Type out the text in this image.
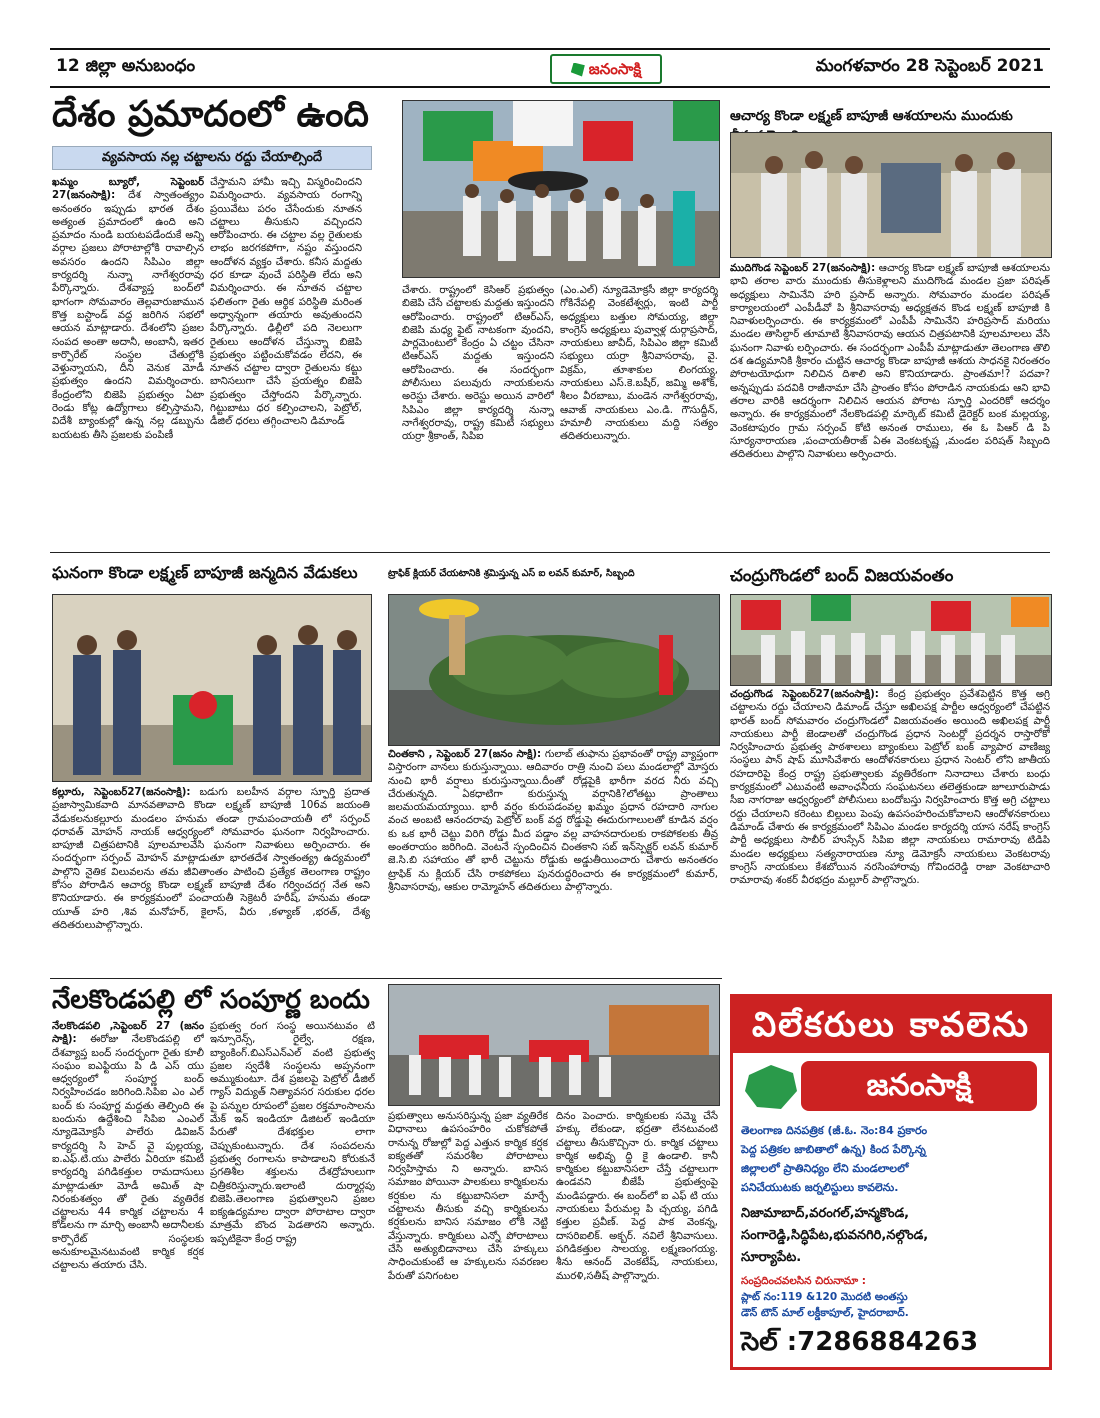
12 జిల్లా అనుబంధం	జనంసాక్షి	మంగళవారం 28 సెప్టెంబర్ 2021
దేశం ప్రమాదంలో ఉంది
వ్యవసాయ నల్ల చట్టాలను రద్దు చేయాల్సిందే
ఖమ్మం బ్యూరో, సెప్టెంబర్ 27(జనంసాక్షి): దేశ స్వాతంత్య్రం అనంతరం ఇప్పుడు భారత దేశం అత్యంత ప్రమాదంలో ఉంది అని ప్రమాదం నుండి బయటపడేందుకే అన్ని వర్గాల ప్రజలు పోరాటాల్లోకి రావాల్సిన అవసరం ఉందని సిపిఎం జిల్లా కార్యదర్శి నున్నా నాగేశ్వరరావు పేర్కొన్నారు. దేశవ్యాప్త బంద్‌లో భాగంగా సోమవారం తెల్లవారుజామున కొత్త బస్టాండ్ వద్ద జరిగిన సభలో ఆయన మాట్లాడారు. దేశంలోని ప్రజల సంపద అంతా అదానీ, అంబానీ, ఇతర కార్పొరేట్ సంస్థల చేతుల్లోకి వెళ్తున్నాయని, దీని వెనుక మోడీ ప్రభుత్వం ఉందని విమర్శించారు. కేంద్రంలోని బిజెపి ప్రభుత్వం ఏటా రెండు కోట్ల ఉద్యోగాలు కల్పిస్తామని, విదేశీ బ్యాంకుల్లో ఉన్న నల్ల డబ్బును బయటకు తీసి ప్రజలకు పంపిణీ
చేస్తామని హామీ ఇచ్చి విస్మరించిందని విమర్శించారు. వ్యవసాయ రంగాన్ని ప్రయివేటు పరం చేసేందుకు నూతన చట్టాలు తీసుకుని వచ్చిందని ఆరోపించారు. ఈ చట్టాల వల్ల రైతులకు లాభం జరగకపోగా, నష్టం వస్తుందని ఆందోళన వ్యక్తం చేశారు. కనీస మద్దతు ధర కూడా వుంచే పరిస్థితి లేదు అని విమర్శించారు. ఈ నూతన చట్టాల ఫలితంగా రైతు ఆర్థిక పరిస్థితి మరింత అధ్వాన్నంగా తయారు అవుతుందని పేర్కొన్నారు. ఢిల్లీలో పది నెలలుగా రైతులు ఆందోళన చేస్తున్నా బిజెపి ప్రభుత్వం పట్టించుకోవడం లేదని, ఈ నూతన చట్టాల ద్వారా రైతులను కట్టు బానిసలుగా చేసే ప్రయత్నం బిజెపి ప్రభుత్వం చేస్తోందని పేర్కొన్నారు. గిట్టుబాటు ధర కల్పించాలని, పెట్రోల్, డీజిల్ ధరలు తగ్గించాలని డిమాండ్
చేశారు. రాష్ట్రంలో కెసిఆర్ ప్రభుత్వం బిజెపి చేసే చట్టాలకు మద్దతు ఇస్తుందని ఆరోపించారు. రాష్ట్రంలో టిఆర్ఎస్, బిజెపి మధ్య ఫైట్ నాటకంగా వుందని, పార్లమెంటులో కేంద్రం ఏ చట్టం చేసినా టిఆర్ఎస్ మద్దతు ఇస్తుందని ఆరోపించారు. ఈ సందర్భంగా పోలీసులు పలువురు నాయకులను అరెస్టు చేశారు. అరెస్టు అయిన వారిలో సిపిఎం జిల్లా కార్యదర్శి నున్నా నాగేశ్వరరావు, రాష్ట్ర కమిటీ సభ్యులు యర్రా శ్రీకాంత్, సిపిఐ
(ఎం.ఎల్) న్యూడెమోక్రసీ జిల్లా కార్యదర్శి గోకినేపల్లి వెంకటేశ్వర్లు, ఇంటి పార్టీ అధ్యక్షులు బత్తుల సోమయ్య, జిల్లా కాంగ్రెస్ అధ్యక్షులు పువ్వాళ్ల దుర్గాప్రసాద్, నాయకులు జావీద్, సిపిఎం జిల్లా కమిటీ సభ్యులు యర్రా శ్రీనివాసరావు, వై. విక్రమ్, తూశాకుల లింగయ్య, నాయకులు ఎస్.కె.బషీర్, జమ్మి అశోక్, శీలం వీరబాబు, మండెన నాగేశ్వరరావు, ఆవాజ్ నాయకులు ఎం.డి. గౌసుద్దీన్, హమాలీ నాయకులు మద్ది సత్యం తదితరులున్నారు.
ఆచార్య కొండా లక్ష్మణ్ బాపూజీ ఆశయాలను ముందుకు
ముదిగొండ సెప్టెంబర్ 27(జనంసాక్షి): ఆచార్య కొండా లక్ష్మణ్ బాపూజీ ఆశయాలను భావి తరాల వారు ముందుకు తీసుకెళ్లాలని ముదిగొండ మండల ప్రజా పరిషత్ అధ్యక్షులు సామినేని హరి ప్రసాద్ అన్నారు. సోమవారం మండల పరిషత్ కార్యాలయంలో ఎంపీడీవో పి శ్రీనివాసరావు అధ్యక్షతన కొండ లక్ష్మణ్ బాపూజీ కి నివాళులర్పించారు. ఈ కార్యక్రమంలో ఎంపీపీ సామినేని హరిప్రసాద్ మరియు మండల తాసిల్దార్ తూమాటి శ్రీనివాసరావు ఆయన చిత్రపటానికి పూలమాలలు వేసి ఘనంగా నివాళు లర్పించారు. ఈ సందర్భంగా ఎంపీపీ మాట్లాడుతూ తెలంగాణ తొలి దశ ఉద్యమానికి శ్రీకారం చుట్టిన ఆచార్య కొండా బాపూజీ ఆశయ సాధనకై నిరంతరం పోరాటయోధుగా నిలిచిన దిశాలి అని కొనియాడారు. ప్రాంతమా!? పదవా? అన్నప్పుడు పదవికి రాజీనామా చేసి ప్రాంతం కోసం పోరాడిన నాయకుడు ఆని భావి తరాల వారికి ఆదర్శంగా నిలిచిన ఆయన పోరాట స్ఫూర్తి ఎందరికో ఆదర్శం అన్నారు. ఈ కార్యక్రమంలో నేలకొండపల్లి మార్కెట్ కమిటీ డైరెక్టర్ బంక మల్లయ్య, వెంకటాపురం గ్రామ సర్పంచ్ కోటి అనంత రాములు, ఈ ఓ పిఆర్ డి పి సూర్యనారాయణ ,పంచాయతీరాజ్ ఏఈ వెంకటకృష్ణ ,మండల పరిషత్ సిబ్బంది తదితరులు పాల్గొని నివాళులు అర్పించారు.
ఘనంగా కొండా లక్ష్మణ్ బాపూజీ జన్మదిన వేడుకలు
కల్లూరు, సెప్టెంబర్27(జనంసాక్షి): బడుగు బలహీన వర్గాల స్ఫూర్తి ప్రదాత ప్రజాస్వామికవాది మానవతావాది కొండా లక్ష్మణ్ బాపూజీ 106వ జయంతి వేడుకలనుకల్లూరు మండలం హనుమ తండా గ్రామపంచాయతీ లో సర్పంచ్ ధరావత్ మోహన్ నాయక్ ఆధ్వర్యంలో సోమవారం ఘనంగా నిర్వహించారు. బాపూజీ చిత్రపటానికి పూలమాలవేసి ఘనంగా నివాళులు అర్పించారు. ఈ సందర్భంగా సర్పంచ్ మోహన్ మాట్లాడుతూ భారతదేశ స్వాతంత్య్ర ఉద్యమంలో పాల్గొని నైతిక విలువలను తమ జీవితాంతం పాటించి ప్రత్యేక తెలంగాణ రాష్ట్రం కోసం పోరాడిన ఆచార్య కొండా లక్ష్మణ్ బాపూజీ దేశం గర్వించదగ్గ నేత అని కొనియాడారు. ఈ కార్యక్రమంలో పంచాయతీ సెక్రెటరీ హరీష్, హనుమ తండా యూత్ హరి ,శివ మనోహర్, కైలాస్, వీరు ,కళ్యాణ్ ,భరత్, దేశ్య తదితరులుపాల్గొన్నారు.
ట్రాఫిక్ క్లియర్ చేయటానికి శ్రమిస్తున్న ఎస్ ఐ లవన్ కుమార్, సిబ్బంది
చింతకాని , సెప్టెంబర్ 27(జనం సాక్షి): గులాబ్ తుఫాను ప్రభావంతో రాష్ట్ర వ్యాప్తంగా విస్తారంగా వానలు కురుస్తున్నాయి. ఆదివారం రాత్రి నుంచి పలు మండలాల్లో మోస్తరు నుంచి భారీ వర్షాలు కురుస్తున్నాయి.దీంతో రోడ్లపైకి భారీగా వరద నీరు వచ్చి చేరుతున్నది. ఏకధాటిగా కురుస్తున్న వర్షానికి?లోతట్టు ప్రాంతాలు జలమయమయ్యాయి. భారీ వర్షం కురుపడంవల్ల ఖమ్మం ప్రధాన రహదారి నాగుల వంచ అంబటి ఆనందరావు పెట్రోల్ బంక్ వద్ద రోడ్డుపై ఈదురుగాలులతో కూడిన వర్షం కు ఒక భారీ చెట్టు విరిగి రోడ్డు మీద పడ్డాం వల్ల వాహనదారులకు రాకపోకలకు తీవ్ర అంతరాయం జరిగింది. వెంటనే స్పందించిన చింతకాని సబ్ ఇన్‌స్పెక్టర్ లవన్ కుమార్ జె.సి.బి సహాయం తో భారీ చెట్టును రోడ్డుకు అడ్డుతీయించారు చేశారు అనంతరం ట్రాఫిక్ ను క్లియర్ చేసి రాకపోకలు పునరుద్ధరించారు ఈ కార్యక్రమంలో కుమార్, శ్రీనివాసరావు, ఆకుల రామ్మోహన్ తదితరులు పాల్గొన్నారు.
చంద్రుగొండలో బంద్ విజయవంతం
చంద్రుగొండ సెప్టెంబర్27(జనంసాక్షి): కేంద్ర ప్రభుత్వం ప్రవేశపెట్టిన కొత్త అగ్రి చట్టాలను రద్దు చేయాలని డిమాండ్ చేస్తూ అఖిలపక్ష పార్టీల ఆధ్వర్యంలో చేపట్టిన భారత్ బంద్ సోమవారం చంద్రుగొండలో విజయవంతం అయింది అఖిలపక్ష పార్టీ నాయకులు పార్టీ జెండాలతో చంద్రుగొండ ప్రధాన సెంటర్లో ప్రదర్శన రాస్తారోకో నిర్వహించారు ప్రభుత్వ పాఠశాలలు బ్యాంకులు పెట్రోల్ బంక్ వ్యాపార వాణిజ్య సంస్థలు పాన్ షాప్ మూసివేశారు ఆందోళనకారులు ప్రధాన సెంటర్ లోని జాతీయ రహదారిపై కేంద్ర రాష్ట్ర ప్రభుత్వాలకు వ్యతిరేకంగా నినాదాలు చేశారు బంధు కార్యక్రమంలో ఎటువంటి అవాంఛనీయ సంఘటనలు తలెత్తకుండా జూలూరుపాడు సీఐ నాగరాజు ఆధ్వర్యంలో పోలీసులు బందోబస్తు నిర్వహించారు కొత్త అగ్రి చట్టాలు రద్దు చేయాలని కరెంటు బిల్లులు పెంపు ఉపసంహరించుకోవాలని ఆందోళనకారులు డిమాండ్ చేశారు ఈ కార్యక్రమంలో సిపిఎం మండల కార్యదర్శి యాస నరేష్ కాంగ్రెస్ పార్టీ అధ్యక్షులు సాబీర్ హుస్సేన్ సిపిఐ జిల్లా నాయకులు రామారావు టిడిపి మండల అధ్యక్షులు సత్యనారాయణ న్యూ డెమోక్రసీ నాయకులు వెంకటరావు కాంగ్రెస్ నాయకులు కేశబోయిన నరసింహారావు గోవిందరెడ్డి రాజా వెంకటాచారి రామారావు శంకర్ వీరభద్రం మల్లూర్ పాల్గొన్నారు.
నేలకొండపల్లి లో సంపూర్ణ బందు
నేలకొండపలి ,సెప్టెంబర్ 27 (జనం సాక్షి): ఈరోజు నేలకొండపల్లి లో దేశవ్యాప్త బంద్ సందర్భంగా రైతు కూలీ సంఘం ఐఎఫ్టియు పి డి ఎస్ యు ఆధ్వర్యంలో సంపూర్ణ బంద్ నిర్వహించడం జరిగింది.సిపిఐ ఎం ఎల్ బంద్ కు సంపూర్ణ మద్దతు తెల్పింది ఈ బందును ఉద్దేశించి సిపిఐ ఎంఎల్ న్యూడెమోక్రసీ పాలేరు డివిజన్ కార్యదర్శి సి హెచ్ వై పుల్లయ్య, ఐ.ఎఫ్.టి.యు పాలేరు ఏరియా కమిటీ కార్యదర్శి పగిడికత్తుల రామదాసులు మాట్లాడుతూ మోడీ అమిత్ షా నిరంకుశత్వం తో రైతు వ్యతిరేక చట్టాలను 44 కార్మిక చట్టాలను 4 కోడ్‌లను గా మార్చి అంబానీ అదానీలకు కార్పొరేట్ సంస్థలకు అనుకూలమైనటువంటి కార్మిక కర్షక చట్టాలను తయారు చేసి.
ప్రభుత్వ రంగ సంస్థ అయినటువం టి ఇన్సూరెన్స్, రైల్వే, రక్షణ, బ్యాంకింగ్.బిఎస్ఎన్ఎల్ వంటి ప్రభుత్వ ప్రజల స్వదేశీ సంస్థలను అప్పనంగా అమ్ముకుంటూ. దేశ ప్రజలపై పెట్రోల్ డీజిల్ గ్యాస్ విద్యుత్ నిత్యావసర సరుకుల ధరల పై పన్నుల రూపంలో ప్రజల రక్తమాంసాలను మేక్ ఇన్ ఇండియా డిజిటల్ ఇండియా పేరుతో దేశభక్తుల లాగా చెప్పుకుంటున్నారు. దేశ సంపదలను ప్రభుత్వ రంగాలను కాపాడాలని కోరుకునే ప్రగతిశీల శక్తులను దేశద్రోహులుగా చిత్రీకరిస్తున్నారు.ఇలాంటి దుర్మార్గపు బిజెపి.తెలంగాణ ప్రభుత్వాలని ప్రజల ఐక్యఉద్యమాల ద్వారా పోరాటాల ద్వారా మాత్రమే బొంద పెడతారని అన్నారు. ఇప్పటికైనా కేంద్ర రాష్ట్ర
ప్రభుత్వాలు అనుసరిస్తున్న ప్రజా వ్యతిరేక విధానాలు ఉపసంహరిం చుకోకపోతే రానున్న రోజుల్లో పెద్ద ఎత్తున కార్మిక కర్షక ఐక్యతతో సమరశీల పోరాటాలు నిర్వహిస్తామ ని అన్నారు. బానిస సమాజం పోయినా పాలకులు కార్మికులను కర్షకుల ను కట్టుబానిసలా మార్చే చట్టాలను తీసుకు వచ్చి కార్మికులను కర్షకులను బానిస సమాజం లోకి నెట్టి వేస్తున్నారు. కార్మికులు ఎన్నో పోరాటాలు చేసి అత్యుబిడానాలు చేసి హక్కులు సాధించుకుంటే ఆ హక్కులను సవరణల పేరుతో పనిగంటల
దినం పెంచారు. కార్మికులకు సమ్మె చేసే హక్కు లేకుండా, భద్రతా లేనటువంటి చట్టాలు తీసుకొచ్చినా రు. కార్మిక చట్టాలు కార్మిక అభివృ ద్ధి కై ఉండాలి. కానీ కార్మికుల కట్టుబానిసలా చేస్తే చట్టాలుగా ఉండవని బీజేపీ ప్రభుత్వంపై మండిపడ్డారు. ఈ బంద్‌లో ఐ ఎఫ్ టి యు నాయకులు పేరుమల్ల పి చ్చయ్య, పగిడి కత్తుల ప్రవీణ్. పెద్ద పాక వెంకన్న, దాసరిఐలిక్. అక్బర్. నవిలే శ్రీనివాసులు. పగిడికత్తుల సాలయ్య. లక్ష్మణంగయ్య. శీను ఆనంద్ వెంకటేష్, నాయకులు, మురళి,సతీష్ పాల్గొన్నారు.
విలేకరులు కావలెను
జనంసాక్షి
తెలంగాణ దినపత్రిక (జీ.ఓ. నెం:84 ప్రకారం
పెద్ద పత్రికల జాబితాలో ఉన్న) కింద పేర్కొన్న
జిల్లాలలో ప్రాతినిధ్యం లేని మండలాలలో
పనిచేయుటకు జర్నలిస్టులు కావలెను.
నిజామాబాద్,వరంగల్,హన్మకొండ,
సంగారెడ్డి,సిద్ధిపేట,భువనగిరి,నల్గొండ,
సూర్యాపేట.
సంప్రదించవలసిన చిరునామా :
ప్లాట్ నం:119 &120 మొదటి అంతస్తు
డౌన్ టౌన్ మాల్ లక్డీకాపూల్, హైదరాబాద్.
సెల్ :7286884263
